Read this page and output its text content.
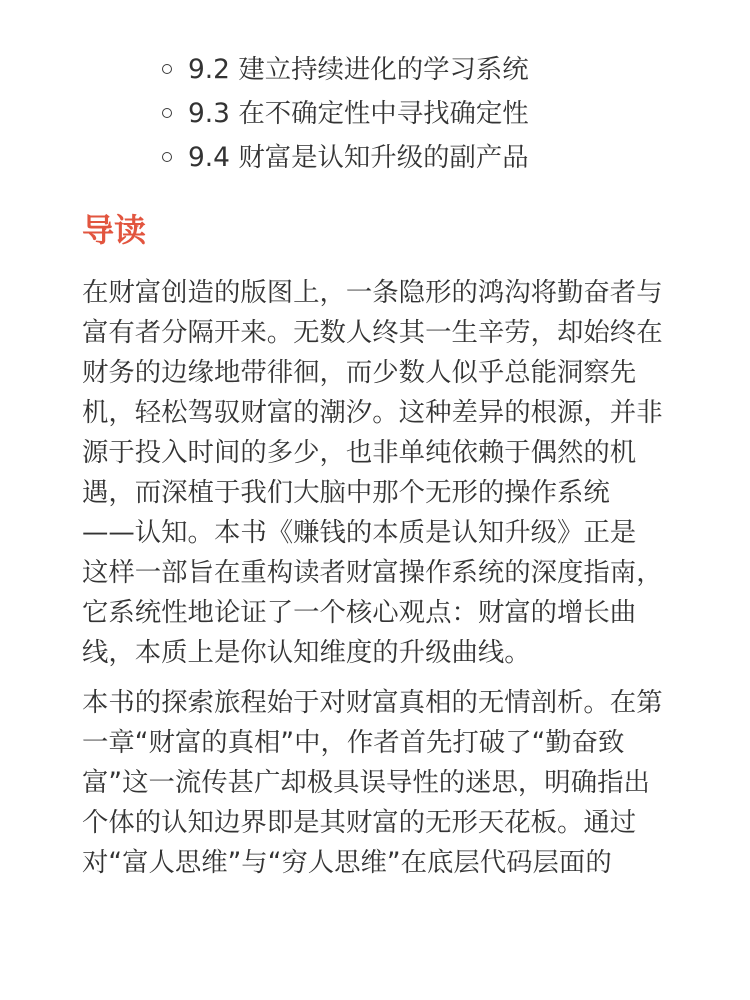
9.2 建立持续进化的学习系统
9.3 在不确定性中寻找确定性
9.4 财富是认知升级的副产品
导读

在财富创造的版图上，一条隐形的鸿沟将勤奋者与
富有者分隔开来。无数人终其一生辛劳，却始终在
财务的边缘地带徘徊，而少数人似乎总能洞察先
机，轻松驾驭财富的潮汐。这种差异的根源，并非
源于投入时间的多少，也非单纯依赖于偶然的机
遇，而深植于我们大脑中那个无形的操作系统
——认知。本书《赚钱的本质是认知升级》正是
这样一部旨在重构读者财富操作系统的深度指南，
它系统性地论证了一个核心观点：财富的增长曲
线，本质上是你认知维度的升级曲线。

本书的探索旅程始于对财富真相的无情剖析。在第
一章“财富的真相”中，作者首先打破了“勤奋致
富”这一流传甚广却极具误导性的迷思，明确指出
个体的认知边界即是其财富的无形天花板。通过
对“富人思维”与“穷人思维”在底层代码层面的
